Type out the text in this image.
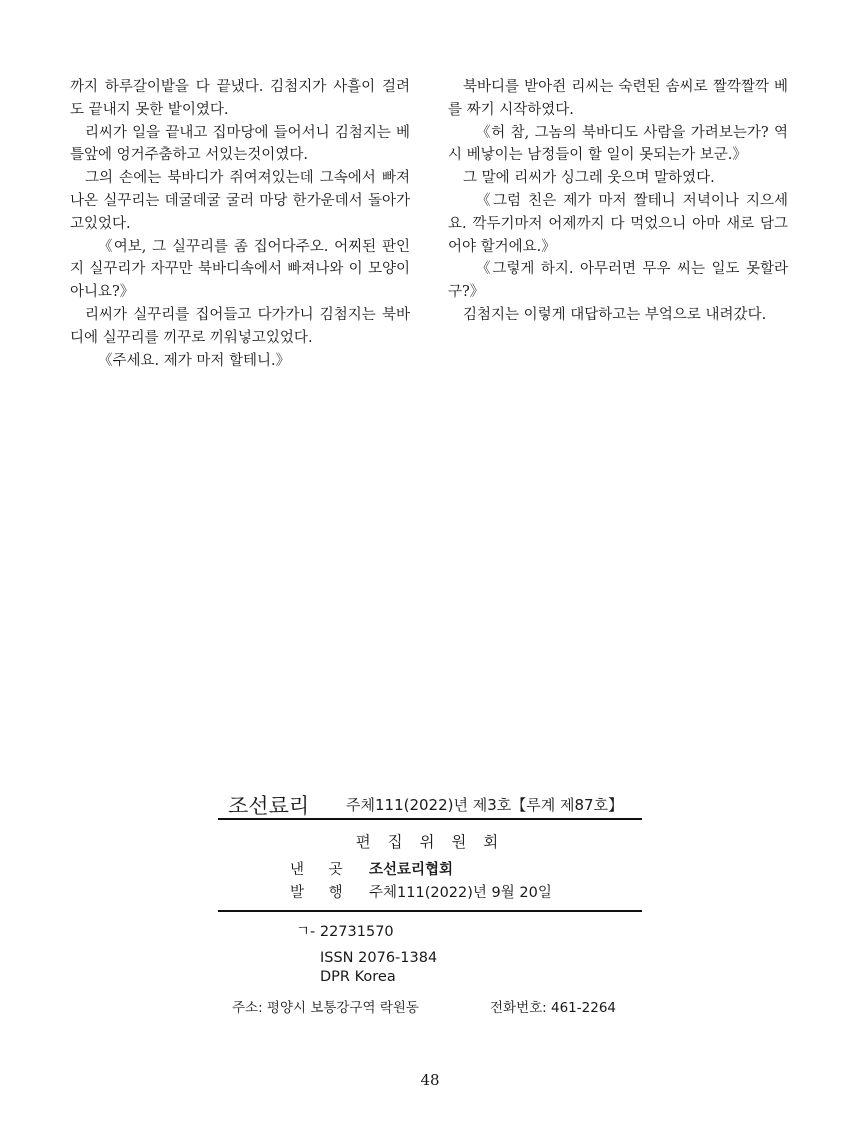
까지 하루갈이밭을 다 끝냈다. 김첨지가 사흘이 걸려도 끝내지 못한 밭이였다.

리씨가 일을 끝내고 집마당에 들어서니 김첨지는 베틀앞에 엉거주춤하고 서있는것이였다.

그의 손에는 북바디가 쥐여져있는데 그속에서 빠져나온 실꾸리는 데굴데굴 굴러 마당 한가운데서 돌아가고있었다.

《여보, 그 실꾸리를 좀 집어다주오. 어찌된 판인지 실꾸리가 자꾸만 북바디속에서 빠져나와 이 모양이 아니요?》

리씨가 실꾸리를 집어들고 다가가니 김첨지는 북바디에 실꾸리를 끼꾸로 끼워넣고있었다.

《주세요. 제가 마저 할테니.》

북바디를 받아쥔 리씨는 숙련된 솜씨로 짤깍짤깍 베를 짜기 시작하였다.

《허 참, 그놈의 북바디도 사람을 가려보는가? 역시 베낳이는 남정들이 할 일이 못되는가 보군.》

그 말에 리씨가 싱그레 웃으며 말하였다.

《그럼 친은 제가 마저 짤테니 저녁이나 지으세요. 깍두기마저 어제까지 다 먹었으니 아마 새로 담그어야 할거에요.》

《그렇게 하지. 아무러면 무우 씨는 일도 못할라구?》

김첨지는 이렇게 대답하고는 부엌으로 내려갔다.

조선료리 주체111(2022)년 제3호【루계 제87호】
편 집 위 원 회
낸 곳 조선료리협회
발 행 주체111(2022)년 9월 20일
ㄱ- 22731570
ISSN 2076-1384
DPR Korea
주소: 평양시 보통강구역 락원동	전화번호: 461-2264
48
